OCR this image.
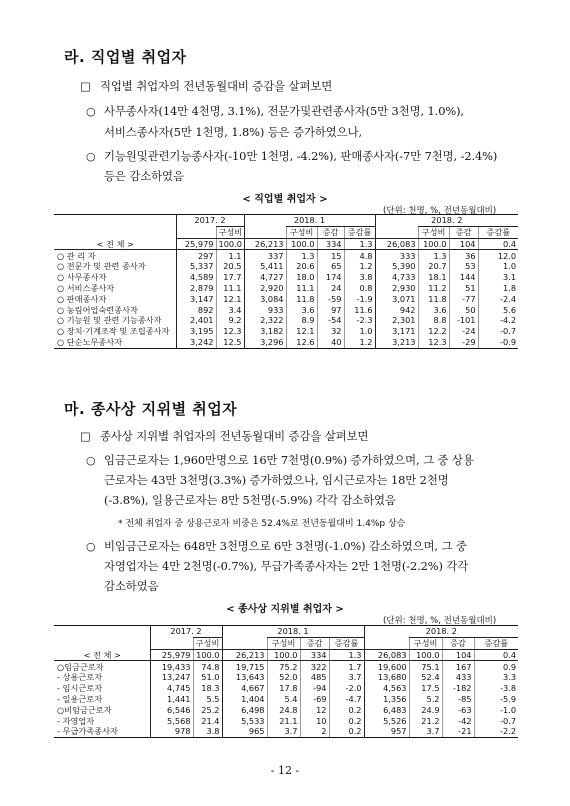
라. 직업별 취업자
□ 직업별 취업자의 전년동월대비 증감을 살펴보면
○ 사무종사자(14만 4천명, 3.1%), 전문가및관련종사자(5만 3천명, 1.0%),
서비스종사자(5만 1천명, 1.8%) 등은 증가하였으나,
○ 기능원및관련기능종사자(-10만 1천명, -4.2%), 판매종사자(-7만 7천명, -2.4%)
등은 감소하였음
< 직업별 취업자 >
(단위: 천명, %, 전년동월대비)
	2017. 2		2018. 1				2018. 2			
		구성비		구성비	증감	증감률		구성비	증감	증감률
< 전 체 >	25,979	100.0	26,213	100.0	334	1.3	26,083	100.0	104	0.4
○ 관 리 자	297	1.1	337	1.3	15	4.8	333	1.3	36	12.0
○ 전문가 및 관련 종사자	5,337	20.5	5,411	20.6	65	1.2	5,390	20.7	53	1.0
○ 사무종사자	4,589	17.7	4,727	18.0	174	3.8	4,733	18.1	144	3.1
○ 서비스종사자	2,879	11.1	2,920	11.1	24	0.8	2,930	11.2	51	1.8
○ 판매종사자	3,147	12.1	3,084	11.8	-59	-1.9	3,071	11.8	-77	-2.4
○ 농림어업숙련종사자	892	3.4	933	3.6	97	11.6	942	3.6	50	5.6
○ 기능원 및 관련 기능종사자	2,401	9.2	2,322	8.9	-54	-2.3	2,301	8.8	-101	-4.2
○ 장치·기계조작 및 조립종사자	3,195	12.3	3,182	12.1	32	1.0	3,171	12.2	-24	-0.7
○ 단순노무종사자	3,242	12.5	3,296	12.6	40	1.2	3,213	12.3	-29	-0.9
마. 종사상 지위별 취업자
□ 종사상 지위별 취업자의 전년동월대비 증감을 살펴보면
○ 임금근로자는 1,960만명으로 16만 7천명(0.9%) 증가하였으며, 그 중 상용
근로자는 43만 3천명(3.3%) 증가하였으나, 임시근로자는 18만 2천명
(-3.8%), 일용근로자는 8만 5천명(-5.9%) 각각 감소하였음
* 전체 취업자 중 상용근로자 비중은 52.4%로 전년동월대비 1.4%p 상승
○ 비임금근로자는 648만 3천명으로 6만 3천명(-1.0%) 감소하였으며, 그 중
자영업자는 4만 2천명(-0.7%), 무급가족종사자는 2만 1천명(-2.2%) 각각
감소하였음
< 종사상 지위별 취업자 >
(단위: 천명, %, 전년동월대비)
	2017. 2		2018. 1				2018. 2			
		구성비		구성비	증감	증감률		구성비	증감	증감률
< 전 체 >	25,979	100.0	26,213	100.0	334	1.3	26,083	100.0	104	0.4
○임금근로자	19,433	74.8	19,715	75.2	322	1.7	19,600	75.1	167	0.9
- 상용근로자	13,247	51.0	13,643	52.0	485	3.7	13,680	52.4	433	3.3
- 임시근로자	4,745	18.3	4,667	17.8	-94	-2.0	4,563	17.5	-182	-3.8
- 일용근로자	1,441	5.5	1,404	5.4	-69	-4.7	1,356	5.2	-85	-5.9
○비임금근로자	6,546	25.2	6,498	24.8	12	0.2	6,483	24.9	-63	-1.0
- 자영업자	5,568	21.4	5,533	21.1	10	0.2	5,526	21.2	-42	-0.7
- 무급가족종사자	978	3.8	965	3.7	2	0.2	957	3.7	-21	-2.2
- 12 -
